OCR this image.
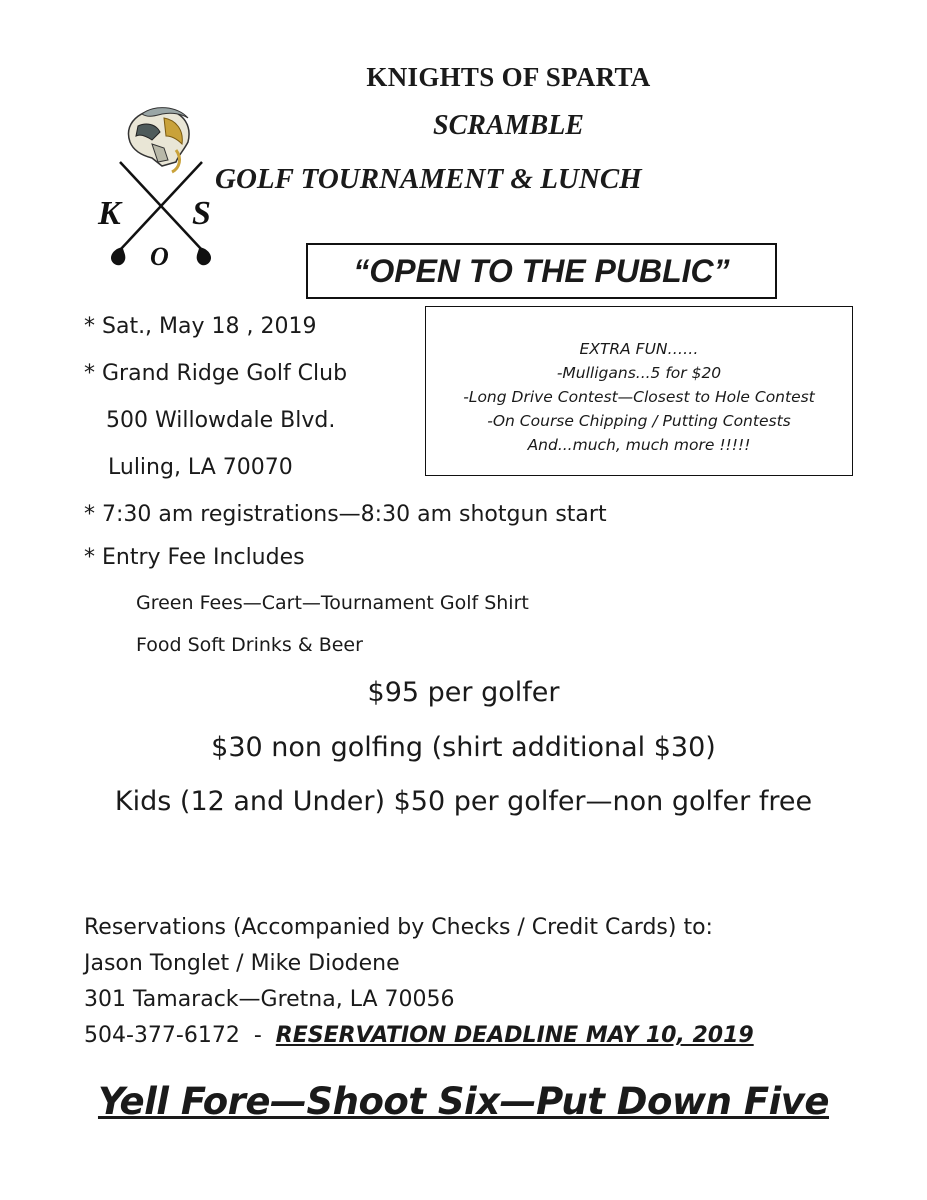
K S
O
KNIGHTS OF SPARTA
SCRAMBLE
GOLF TOURNAMENT & LUNCH
“OPEN TO THE PUBLIC”
EXTRA FUN……
-Mulligans...5 for $20
-Long Drive Contest—Closest to Hole Contest
-On Course Chipping / Putting Contests
And...much, much more !!!!!
* Sat., May 18 , 2019
* Grand Ridge Golf Club
500 Willowdale Blvd.
Luling, LA 70070
* 7:30 am registrations—8:30 am shotgun start
* Entry Fee Includes
Green Fees—Cart—Tournament Golf Shirt
Food Soft Drinks & Beer
$95 per golfer
$30 non golfing (shirt additional $30)
Kids (12 and Under) $50 per golfer—non golfer free
Reservations (Accompanied by Checks / Credit Cards) to:
Jason Tonglet / Mike Diodene
301 Tamarack—Gretna, LA 70056
504-377-6172  -  RESERVATION DEADLINE MAY 10, 2019
Yell Fore—Shoot Six—Put Down Five
